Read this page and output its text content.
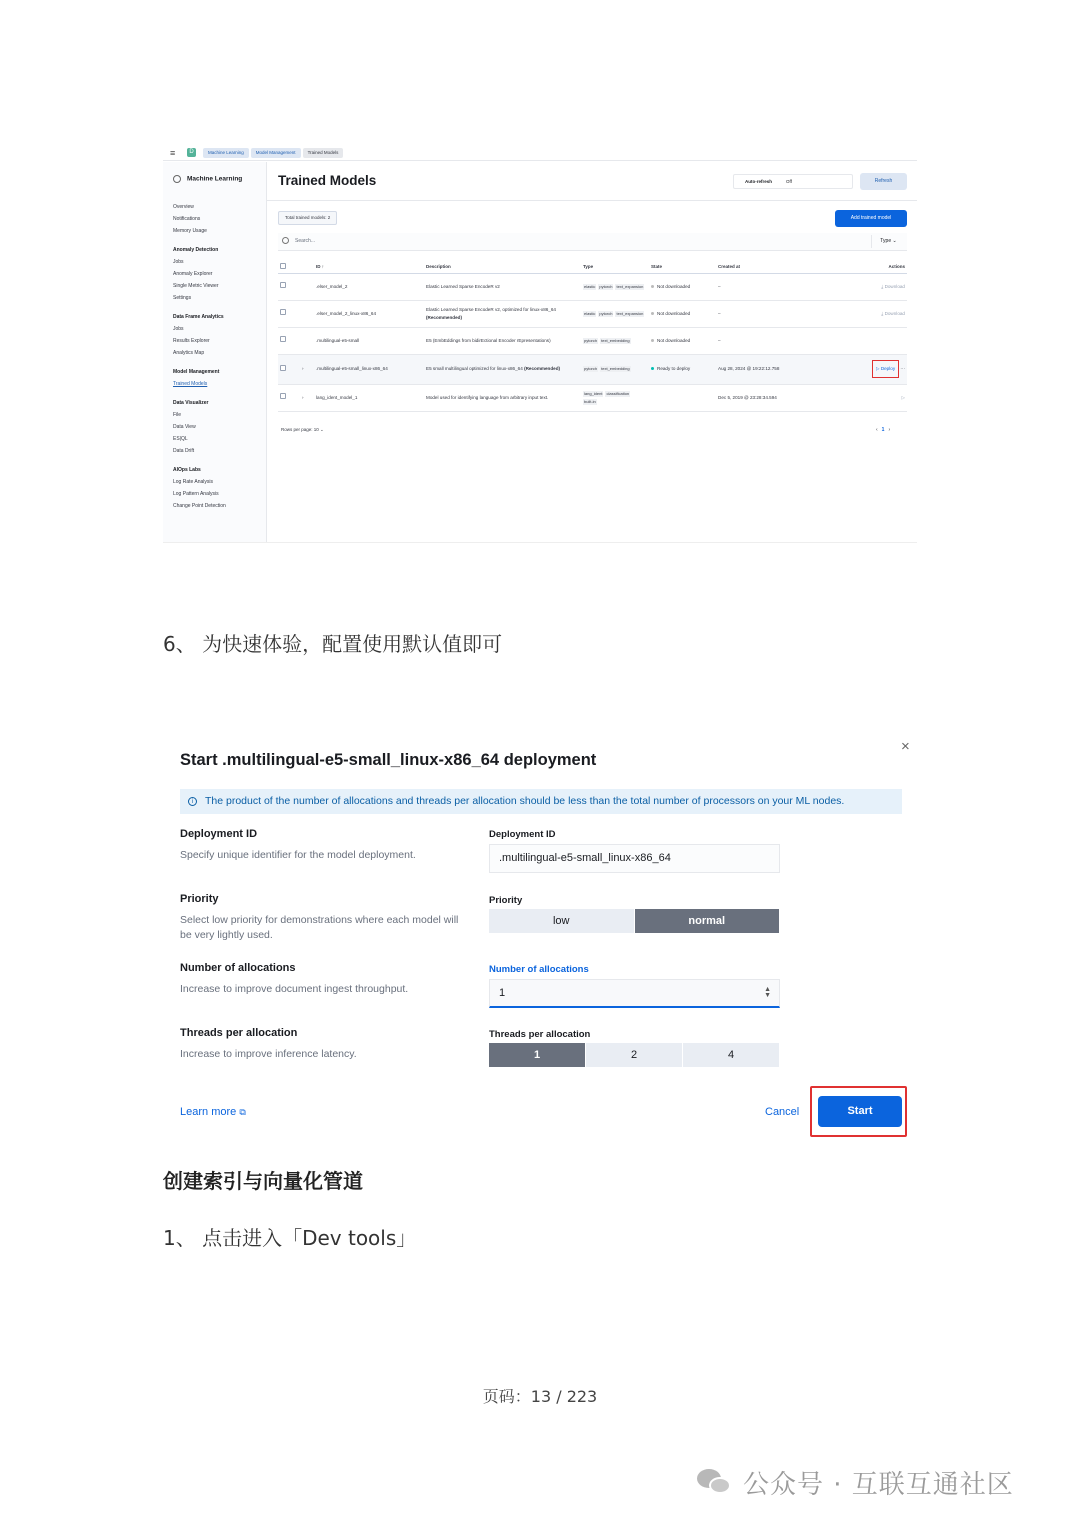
≡	D	Machine Learning	Model Management	Trained Models
Machine Learning
Overview
Notifications
Memory Usage
Anomaly Detection
Jobs
Anomaly Explorer
Single Metric Viewer
Settings
Data Frame Analytics
Jobs
Results Explorer
Analytics Map
Model Management
Trained Models
Data Visualizer
File
Data View
ES|QL
Data Drift
AIOps Labs
Log Rate Analysis
Log Pattern Analysis
Change Point Detection
Trained Models	Auto-refresh	Off	Refresh
Total trained models: 2	Add trained model
Search...	Type ⌄
		ID ↑	Description	Type	State	Created at	Actions
		.elser_model_2	Elastic Learned Sparse EncodeR v2	elastic pytorch text_expansion	Not downloaded	–	⤓ Download
		.elser_model_2_linux-x86_64	Elastic Learned Sparse EncodeR v2, optimized for linux-x86_64 (Recommended)	elastic pytorch text_expansion	Not downloaded	–	⤓ Download
		.multilingual-e5-small	E5 (EmbEddings from bidirEctional Encoder rEpresentations)	pytorch text_embedding	Not downloaded	–	
	›	.multilingual-e5-small_linux-x86_64	E5 small multilingual optimized for linux-x86_64 (Recommended)	pytorch text_embedding	Ready to deploy	Aug 28, 2024 @ 19:22:12.758	▷ Deploy ···
	›	lang_ident_model_1	Model used for identifying language from arbitrary input text.	lang_ident classificationbuilt-in		Dec 5, 2019 @ 23:28:34.594	▷
Rows per page: 10 ⌄	‹ 1 ›
6、 为快速体验，配置使用默认值即可
×
Start .multilingual-e5-small_linux-x86_64 deployment
i The product of the number of allocations and threads per allocation should be less than the total number of processors on your ML nodes.
Deployment ID
Specify unique identifier for the model deployment.
Deployment ID
.multilingual-e5-small_linux-x86_64
Priority
Select low priority for demonstrations where each model will be very lightly used.
Priority
low	normal
Number of allocations
Increase to improve document ingest throughput.
Number of allocations
1	▲
▼
Threads per allocation
Increase to improve inference latency.
Threads per allocation
1	2	4
Learn more ⧉	Cancel	Start
创建索引与向量化管道
1、 点击进入「Dev tools」
页码：13 / 223
公众号 · 互联互通社区
